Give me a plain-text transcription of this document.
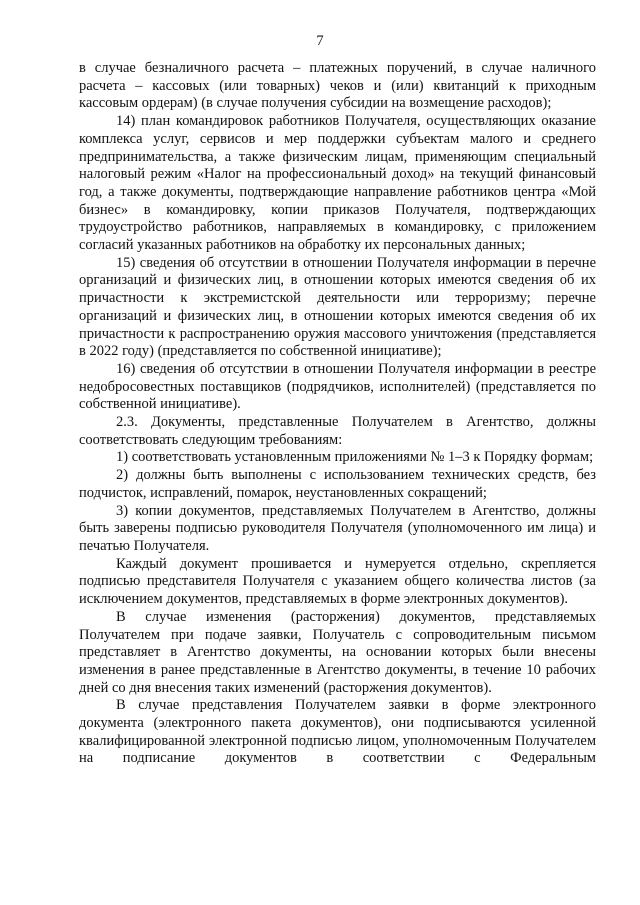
7

в случае безналичного расчета – платежных поручений, в случае наличного расчета – кассовых (или товарных) чеков и (или) квитанций к приходным кассовым ордерам) (в случае получения субсидии на возмещение расходов);

14) план командировок работников Получателя, осуществляющих оказание комплекса услуг, сервисов и мер поддержки субъектам малого и среднего предпринимательства, а также физическим лицам, применяющим специальный налоговый режим «Налог на профессиональный доход» на текущий финансовый год, а также документы, подтверждающие направление работников центра «Мой бизнес» в командировку, копии приказов Получателя, подтверждающих трудоустройство работников, направляемых в командировку, с приложением согласий указанных работников на обработку их персональных данных;

15) сведения об отсутствии в отношении Получателя информации в перечне организаций и физических лиц, в отношении которых имеются сведения об их причастности к экстремистской деятельности или терроризму; перечне организаций и физических лиц, в отношении которых имеются сведения об их причастности к распространению оружия массового уничтожения (представляется в 2022 году) (представляется по собственной инициативе);

16) сведения об отсутствии в отношении Получателя информации в реестре недобросовестных поставщиков (подрядчиков, исполнителей) (представляется по собственной инициативе).

2.3. Документы, представленные Получателем в Агентство, должны соответствовать следующим требованиям:

1) соответствовать установленным приложениями № 1–3 к Порядку формам;

2) должны быть выполнены с использованием технических средств, без подчисток, исправлений, помарок, неустановленных сокращений;

3) копии документов, представляемых Получателем в Агентство, должны быть заверены подписью руководителя Получателя (уполномоченного им лица) и печатью Получателя.

Каждый документ прошивается и нумеруется отдельно, скрепляется подписью представителя Получателя с указанием общего количества листов (за исключением документов, представляемых в форме электронных документов).

В случае изменения (расторжения) документов, представляемых Получателем при подаче заявки, Получатель с сопроводительным письмом представляет в Агентство документы, на основании которых были внесены изменения в ранее представленные в Агентство документы, в течение 10 рабочих дней со дня внесения таких изменений (расторжения документов).

В случае представления Получателем заявки в форме электронного документа (электронного пакета документов), они подписываются усиленной квалифицированной электронной подписью лицом, уполномоченным Получателем на подписание документов в соответствии с Федеральным
